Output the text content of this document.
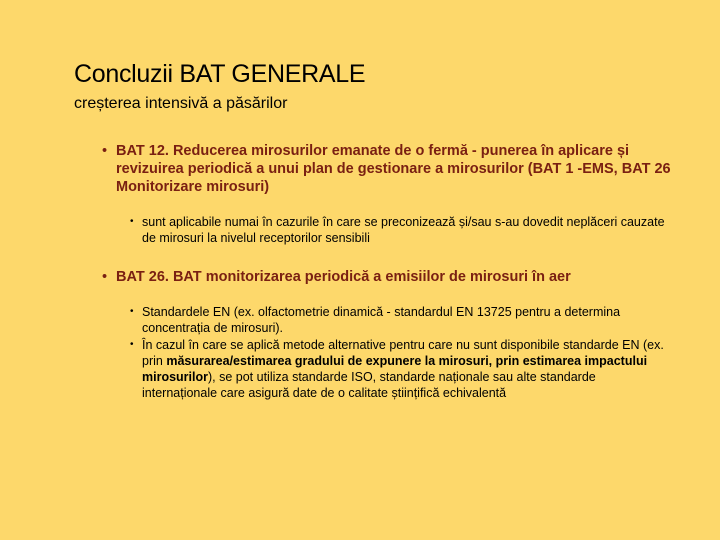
Concluzii BAT GENERALE
creșterea intensivă a păsărilor
• BAT 12. Reducerea mirosurilor emanate de o fermă - punerea în aplicare și revizuirea periodică a unui plan de gestionare a mirosurilor (BAT 1 -EMS, BAT 26 Monitorizare mirosuri)
• sunt aplicabile numai în cazurile în care se preconizează și/sau s-au dovedit neplăceri cauzate de mirosuri la nivelul receptorilor sensibili
• BAT 26. BAT monitorizarea periodică a emisiilor de mirosuri în aer
• Standardele EN (ex. olfactometrie dinamică - standardul EN 13725 pentru a determina concentrația de mirosuri).
• În cazul în care se aplică metode alternative pentru care nu sunt disponibile standarde EN (ex. prin măsurarea/estimarea gradului de expunere la mirosuri, prin estimarea impactului mirosurilor), se pot utiliza standarde ISO, standarde naționale sau alte standarde internaționale care asigură date de o calitate științifică echivalentă
